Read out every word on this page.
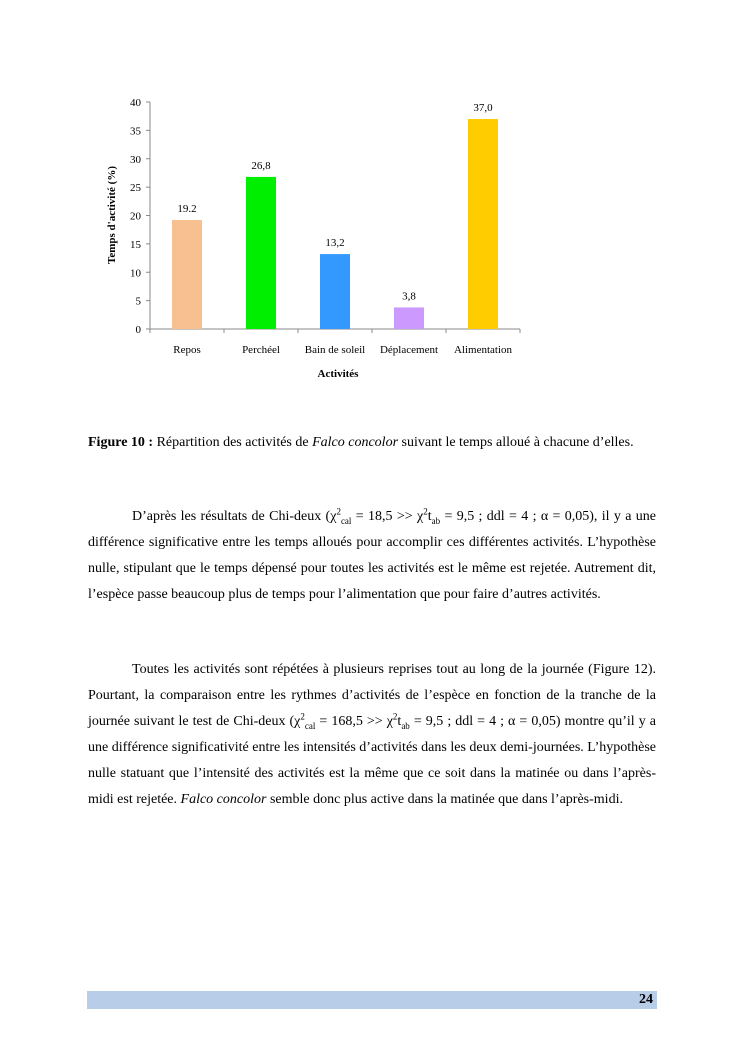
Temps d'activité (%)
Activités
0
5
10
15
20
25
30
35
40
19.2
Repos
26,8
Perchéel
13,2
Bain de soleil
3,8
Déplacement
37,0
Alimentation

Figure 10 : Répartition des activités de Falco concolor suivant le temps alloué à chacune d’elles.

D’après les résultats de Chi-deux ($\chi^2_{cal} = 18,5 >> \chi^2t_{ab} = 9,5$ ; ddl = 4 ; α = 0,05), il y a une différence significative entre les temps alloués pour accomplir ces différentes activités. L’hypothèse nulle, stipulant que le temps dépensé pour toutes les activités est le même est rejetée. Autrement dit, l’espèce passe beaucoup plus de temps pour l’alimentation que pour faire d’autres activités.

Toutes les activités sont répétées à plusieurs reprises tout au long de la journée (Figure 12). Pourtant, la comparaison entre les rythmes d’activités de l’espèce en fonction de la tranche de la journée suivant le test de Chi-deux ($\chi^2_{cal} = 168,5 >> \chi^2t_{ab} = 9,5$ ; ddl = 4 ; α = 0,05) montre qu’il y a une différence significativité entre les intensités d’activités dans les deux demi-journées. L’hypothèse nulle statuant que l’intensité des activités est la même que ce soit dans la matinée ou dans l’après-midi est rejetée. Falco concolor semble donc plus active dans la matinée que dans l’après-midi.

24
